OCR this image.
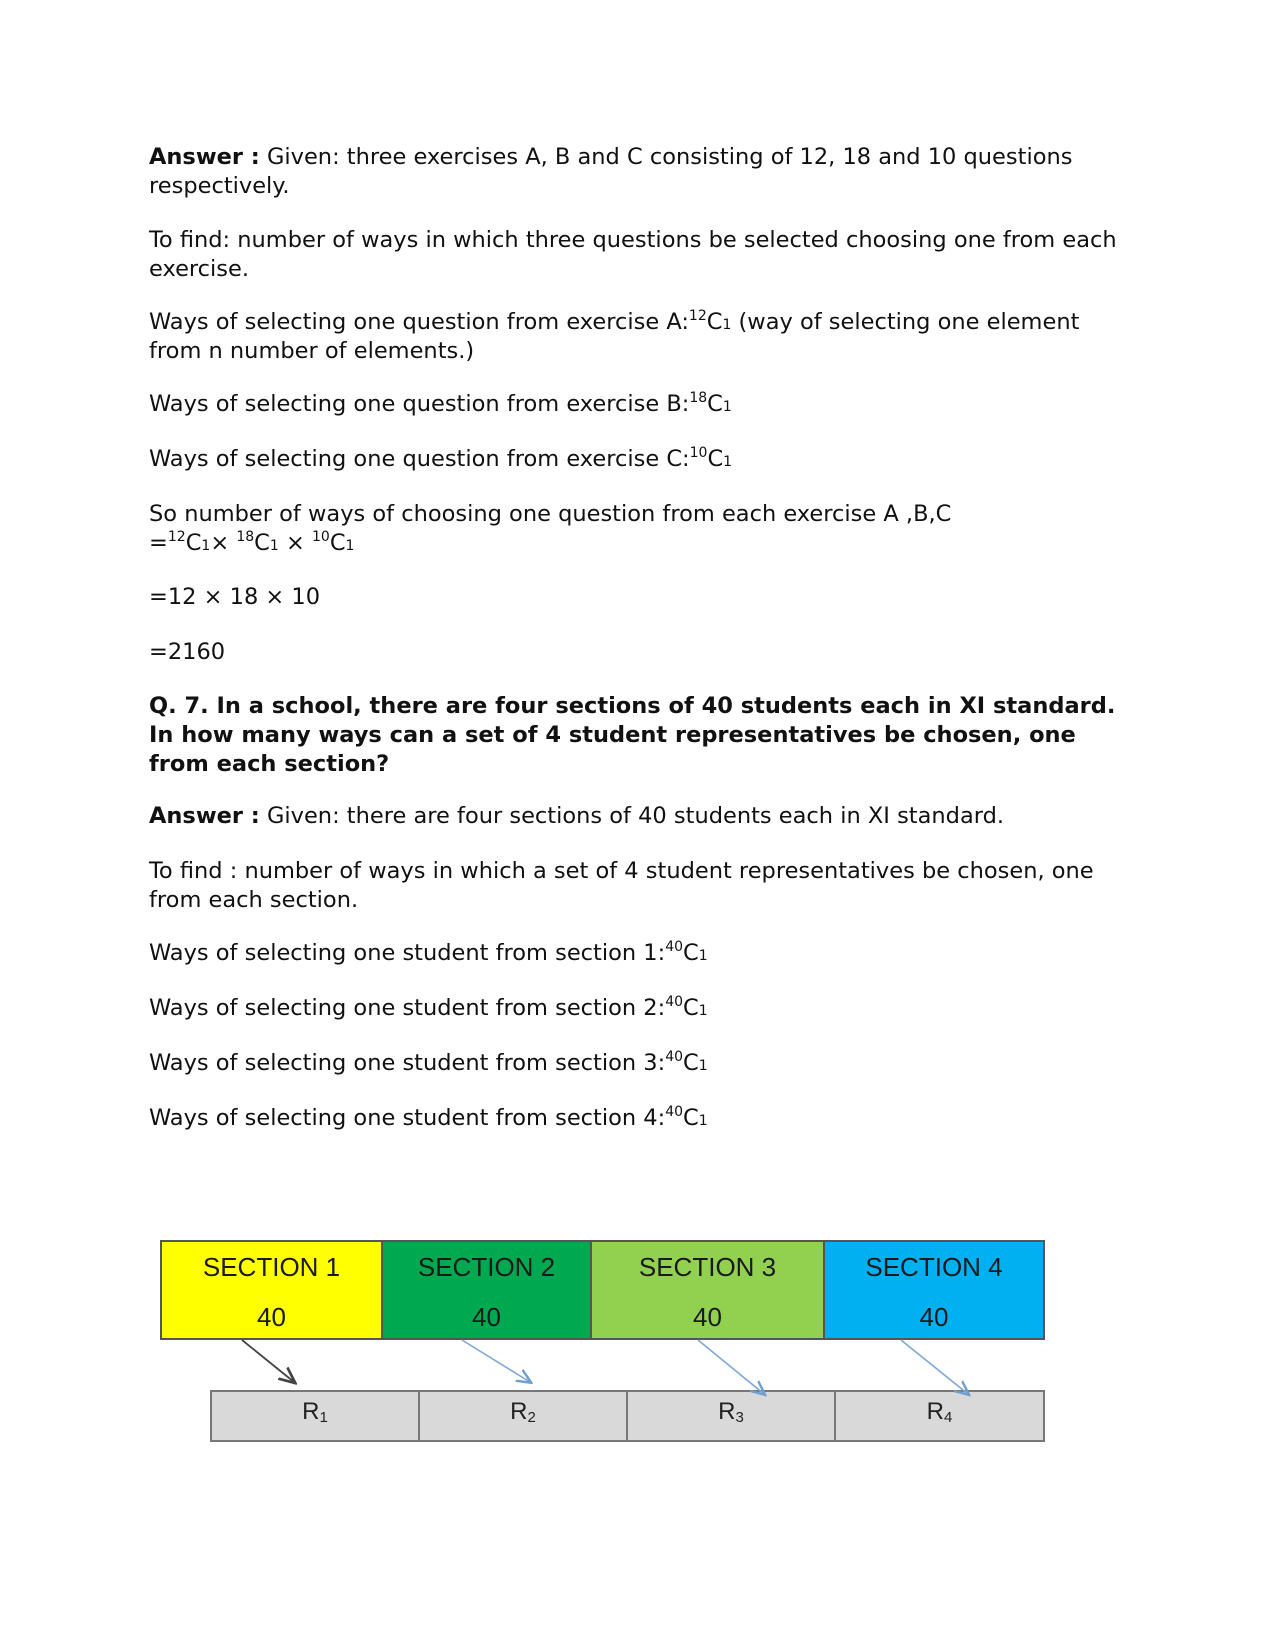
Answer : Given: three exercises A, B and C consisting of 12, 18 and 10 questions respectively.
To find: number of ways in which three questions be selected choosing one from each exercise.
Ways of selecting one question from exercise A:$^{12}$C1 (way of selecting one element from n number of elements.)
Ways of selecting one question from exercise B:$^{18}$C1
Ways of selecting one question from exercise C:$^{10}$C1
So number of ways of choosing one question from each exercise A ,B,C
=$^{12}$C1× $^{18}$C1 × $^{10}$C1
=12 × 18 × 10
=2160
Q. 7. In a school, there are four sections of 40 students each in XI standard. In how many ways can a set of 4 student representatives be chosen, one from each section?
Answer : Given: there are four sections of 40 students each in XI standard.
To find : number of ways in which a set of 4 student representatives be chosen, one from each section.
Ways of selecting one student from section 1:$^{40}$C1
Ways of selecting one student from section 2:$^{40}$C1
Ways of selecting one student from section 3:$^{40}$C1
Ways of selecting one student from section 4:$^{40}$C1
SECTION 1
40
SECTION 2
40
SECTION 3
40
SECTION 4
40
$R_1$	$R_2$	$R_3$	$R_4$
